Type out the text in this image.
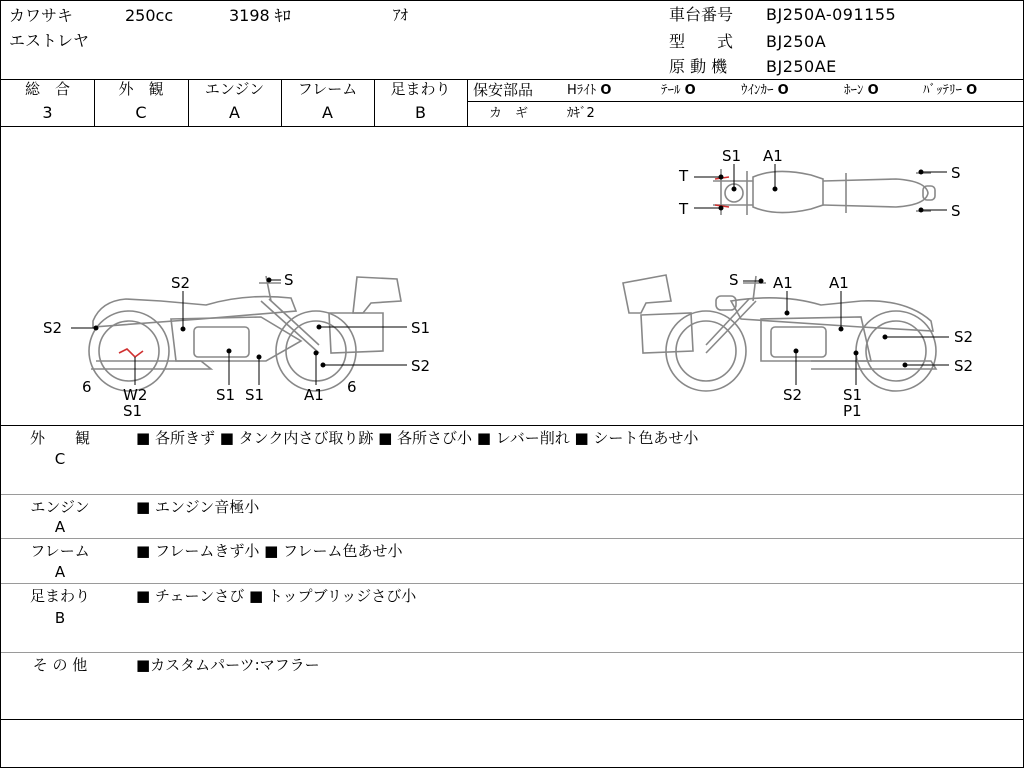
カワサキ	250cc	3198 ｷﾛ	ｱｵ
エストレヤ
車台番号 BJ250A-091155
型　　式 BJ250A
原 動 機 BJ250AE
総　合
3
外　観
C
エンジン
A
フレーム
A
足まわり
B
保安部品	Hﾗｲﾄ O	ﾃｰﾙ O	ｳｲﾝｶｰ O	ﾎｰﾝ O	ﾊﾞｯﾃﾘｰ O
カ　ギ	ｶｷﾞ2
T
T
S1 A1
S
S
S2
S2	S
S1
S2
6 W2
S1
S1 S1	A1 6
S A1 A1
S2
S2
S2	S1
P1
外　　観
C
■ 各所きず ■ タンク内さび取り跡 ■ 各所さび小 ■ レバー削れ ■ シート色あせ小
エンジン
A
■ エンジン音極小
フレーム
A
■ フレームきず小 ■ フレーム色あせ小
足まわり
B
■ チェーンさび ■ トップブリッジさび小
そ の 他	■カスタムパーツ:マフラー
